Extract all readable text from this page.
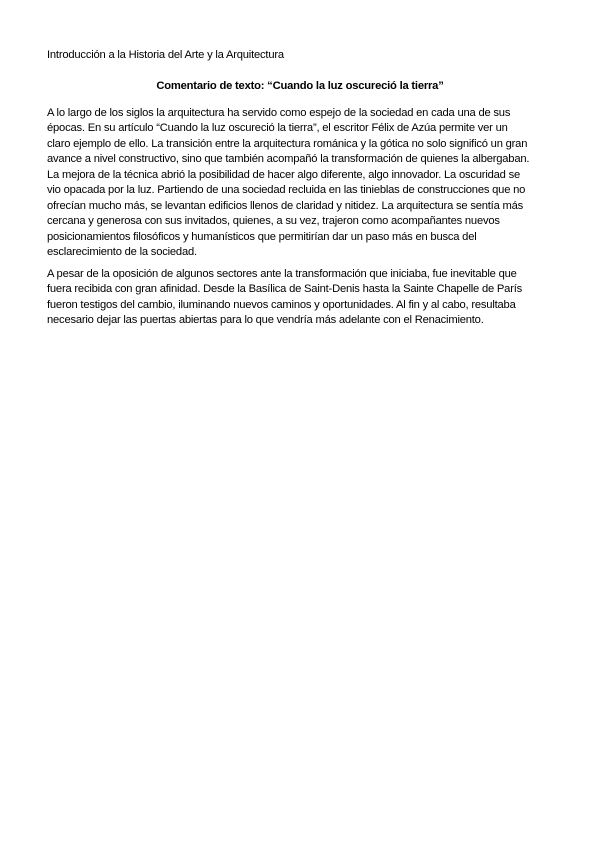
Introducción a la Historia del Arte y la Arquitectura
Comentario de texto: “Cuando la luz oscureció la tierra”
A lo largo de los siglos la arquitectura ha servido como espejo de la sociedad en cada una de sus
épocas. En su artículo “Cuando la luz oscureció la tierra”, el escritor Félix de Azúa permite ver un
claro ejemplo de ello. La transición entre la arquitectura románica y la gótica no solo significó un gran
avance a nivel constructivo, sino que también acompañó la transformación de quienes la albergaban.
La mejora de la técnica abrió la posibilidad de hacer algo diferente, algo innovador. La oscuridad se
vio opacada por la luz. Partiendo de una sociedad recluida en las tinieblas de construcciones que no
ofrecían mucho más, se levantan edificios llenos de claridad y nitidez. La arquitectura se sentía más
cercana y generosa con sus invitados, quienes, a su vez, trajeron como acompañantes nuevos
posicionamientos filosóficos y humanísticos que permitirían dar un paso más en busca del
esclarecimiento de la sociedad.
A pesar de la oposición de algunos sectores ante la transformación que iniciaba, fue inevitable que
fuera recibida con gran afinidad. Desde la Basílica de Saint-Denis hasta la Sainte Chapelle de París
fueron testigos del cambio, iluminando nuevos caminos y oportunidades. Al fin y al cabo, resultaba
necesario dejar las puertas abiertas para lo que vendría más adelante con el Renacimiento.
